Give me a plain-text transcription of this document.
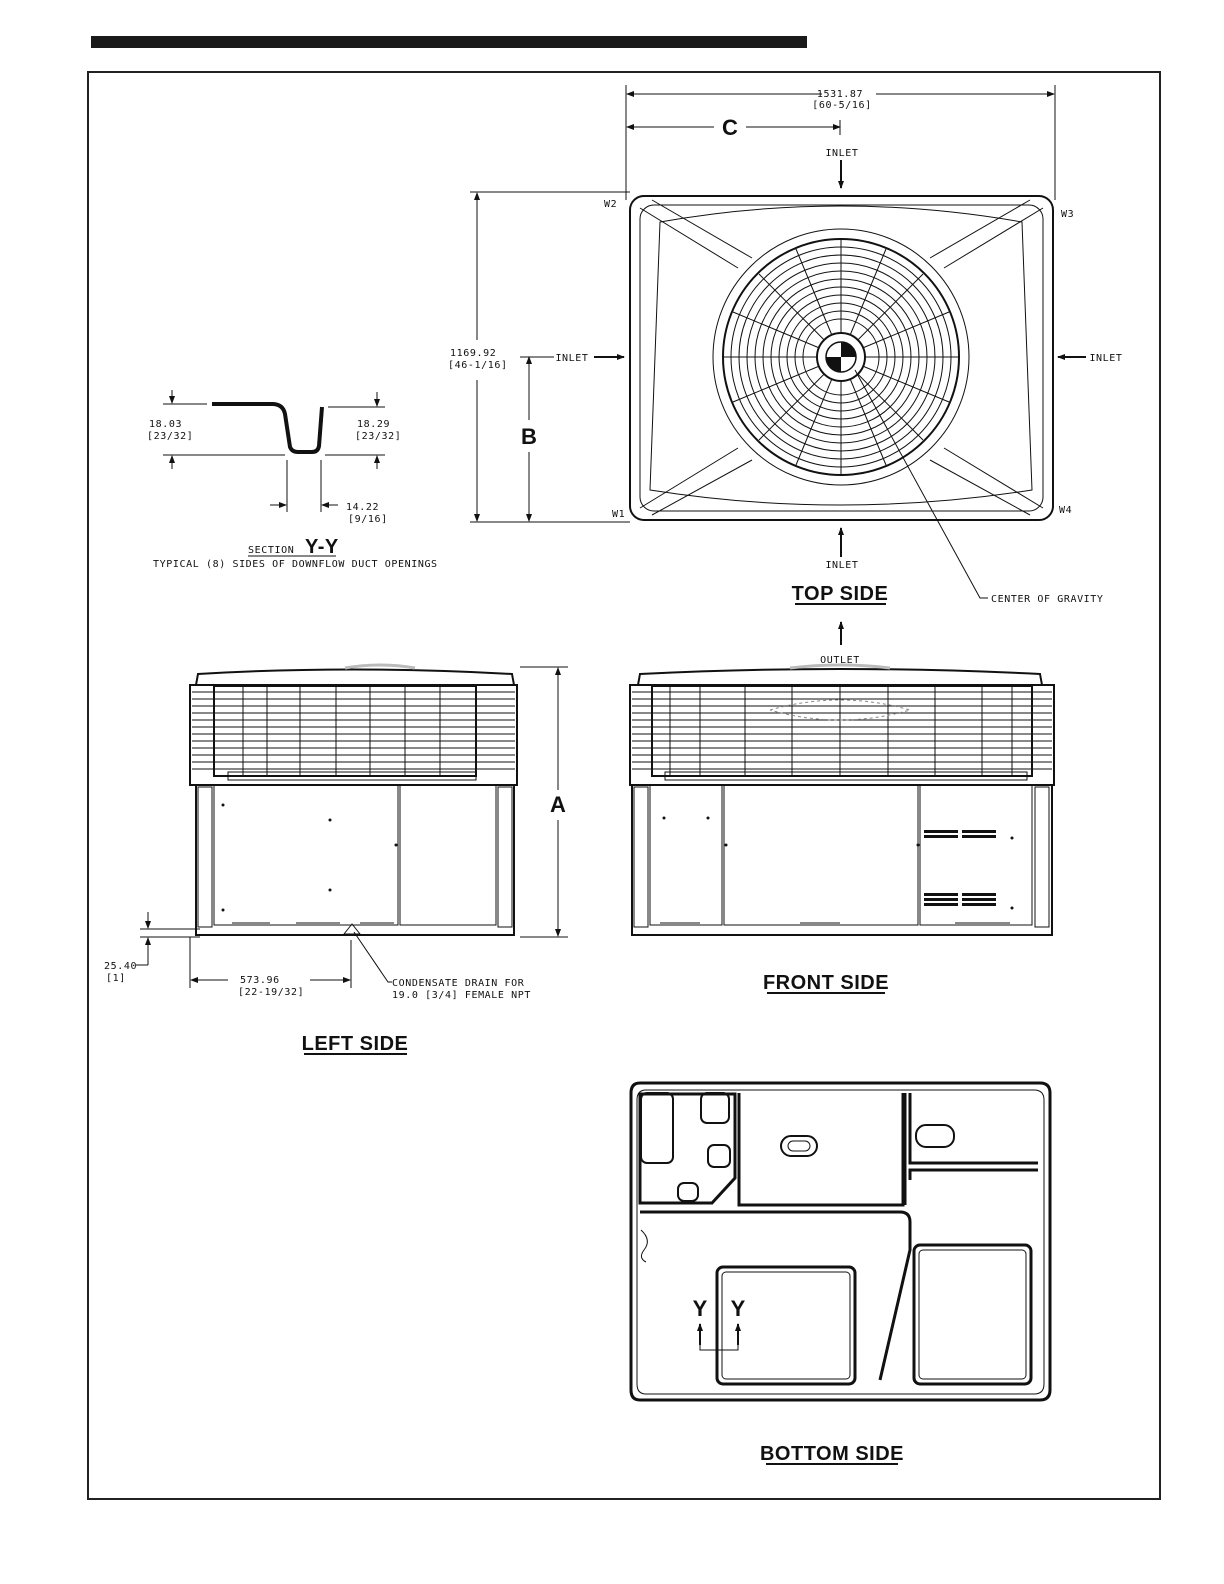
1531.87
[60-5/16]
C
1169.92
[46-1/16]
B
INLET
INLET
INLET	INLET
W2
W3
W1	W4
CENTER OF GRAVITY
TOP SIDE
18.03
[23/32]
18.29
[23/32]
14.22
[9/16]
SECTION Y-Y
TYPICAL (8) SIDES OF DOWNFLOW DUCT OPENINGS
A
25.40
[1]	573.96
[22-19/32]
CONDENSATE DRAIN FOR
19.0 [3/4] FEMALE NPT
LEFT SIDE
OUTLET
FRONT SIDE
Y Y
BOTTOM SIDE
